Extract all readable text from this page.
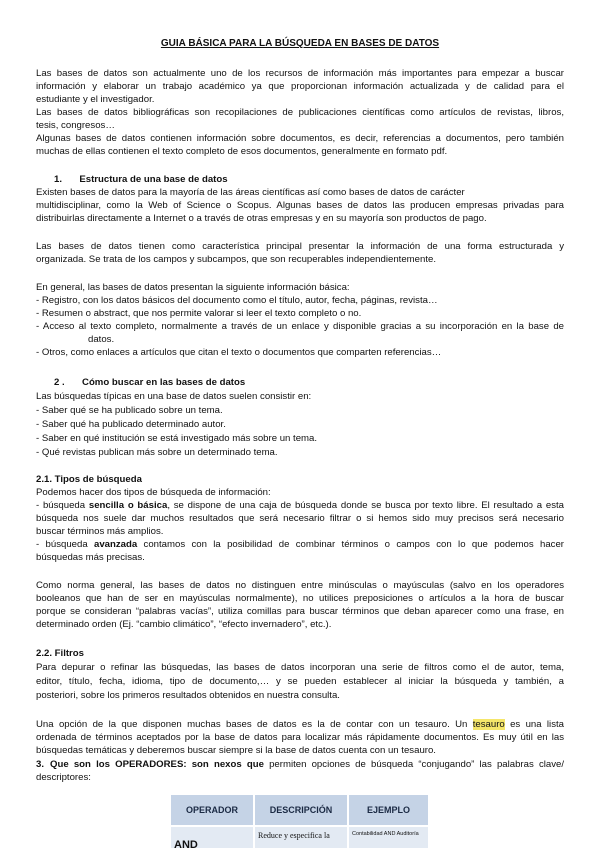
GUIA BÁSICA PARA LA BÚSQUEDA EN BASES DE DATOS
Las bases de datos son actualmente uno de los recursos de información más importantes para empezar a buscar
información y elaborar un trabajo académico ya que proporcionan información actualizada y de calidad para el
estudiante y el investigador.
Las bases de datos bibliográficas son recopilaciones de publicaciones científicas como artículos de revistas, libros,
tesis, congresos…
Algunas bases de datos contienen información sobre documentos, es decir, referencias a documentos, pero también
muchas de ellas contienen el texto completo de esos documentos, generalmente en formato pdf.
1. Estructura de una base de datos
Existen bases de datos para la mayoría de las áreas científicas así como bases de datos de carácter
multidisciplinar, como la Web of Science o Scopus. Algunas bases de datos las producen empresas privadas para
distribuirlas directamente a Internet o a través de otras empresas y en su mayoría son productos de pago.
Las bases de datos tienen como característica principal presentar la información de una forma estructurada y
organizada. Se trata de los campos y subcampos, que son recuperables independientemente.
En general, las bases de datos presentan la siguiente información básica:
- Registro, con los datos básicos del documento como el título, autor, fecha, páginas, revista…
- Resumen o abstract, que nos permite valorar si leer el texto completo o no.
- Acceso al texto completo, normalmente a través de un enlace y disponible gracias a su incorporación en la base de
datos.
- Otros, como enlaces a artículos que citan el texto o documentos que comparten referencias…
2 . Cómo buscar en las bases de datos
Las búsquedas típicas en una base de datos suelen consistir en:
- Saber qué se ha publicado sobre un tema.
- Saber qué ha publicado determinado autor.
- Saber en qué institución se está investigado más sobre un tema.
- Qué revistas publican más sobre un determinado tema.
2.1. Tipos de búsqueda
Podemos hacer dos tipos de búsqueda de información:
- búsqueda sencilla o básica, se dispone de una caja de búsqueda donde se busca por texto libre. El resultado a esta
búsqueda nos suele dar muchos resultados que será necesario filtrar o si hemos sido muy precisos será necesario
buscar términos más amplios.
- búsqueda avanzada contamos con la posibilidad de combinar términos o campos con lo que podemos hacer
búsquedas más precisas.
Como norma general, las bases de datos no distinguen entre minúsculas o mayúsculas (salvo en los operadores
booleanos que han de ser en mayúsculas normalmente), no utilices preposiciones o artículos a la hora de buscar
porque se consideran “palabras vacías”, utiliza comillas para buscar términos que deban aparecer como una frase, en
determinado orden (Ej. “cambio climático”, “efecto invernadero”, etc.).
2.2. Filtros
Para depurar o refinar las búsquedas, las bases de datos incorporan una serie de filtros como el de autor, tema,
editor, título, fecha, idioma, tipo de documento,… y se pueden establecer al iniciar la búsqueda y también, a
posteriori, sobre los primeros resultados obtenidos en nuestra consulta.
Una opción de la que disponen muchas bases de datos es la de contar con un tesauro. Un tesauro es una lista
ordenada de términos aceptados por la base de datos para localizar más rápidamente documentos. Es muy útil en las
búsquedas temáticas y deberemos buscar siempre si la base de datos cuenta con un tesauro.
3. Que son los OPERADORES: son nexos que permiten opciones de búsqueda “conjugando” las palabras clave/
descriptores:
OPERADOR	DESCRIPCIÓN	EJEMPLO
AND	Reduce y especifica la	Contabilidad AND Auditoría
